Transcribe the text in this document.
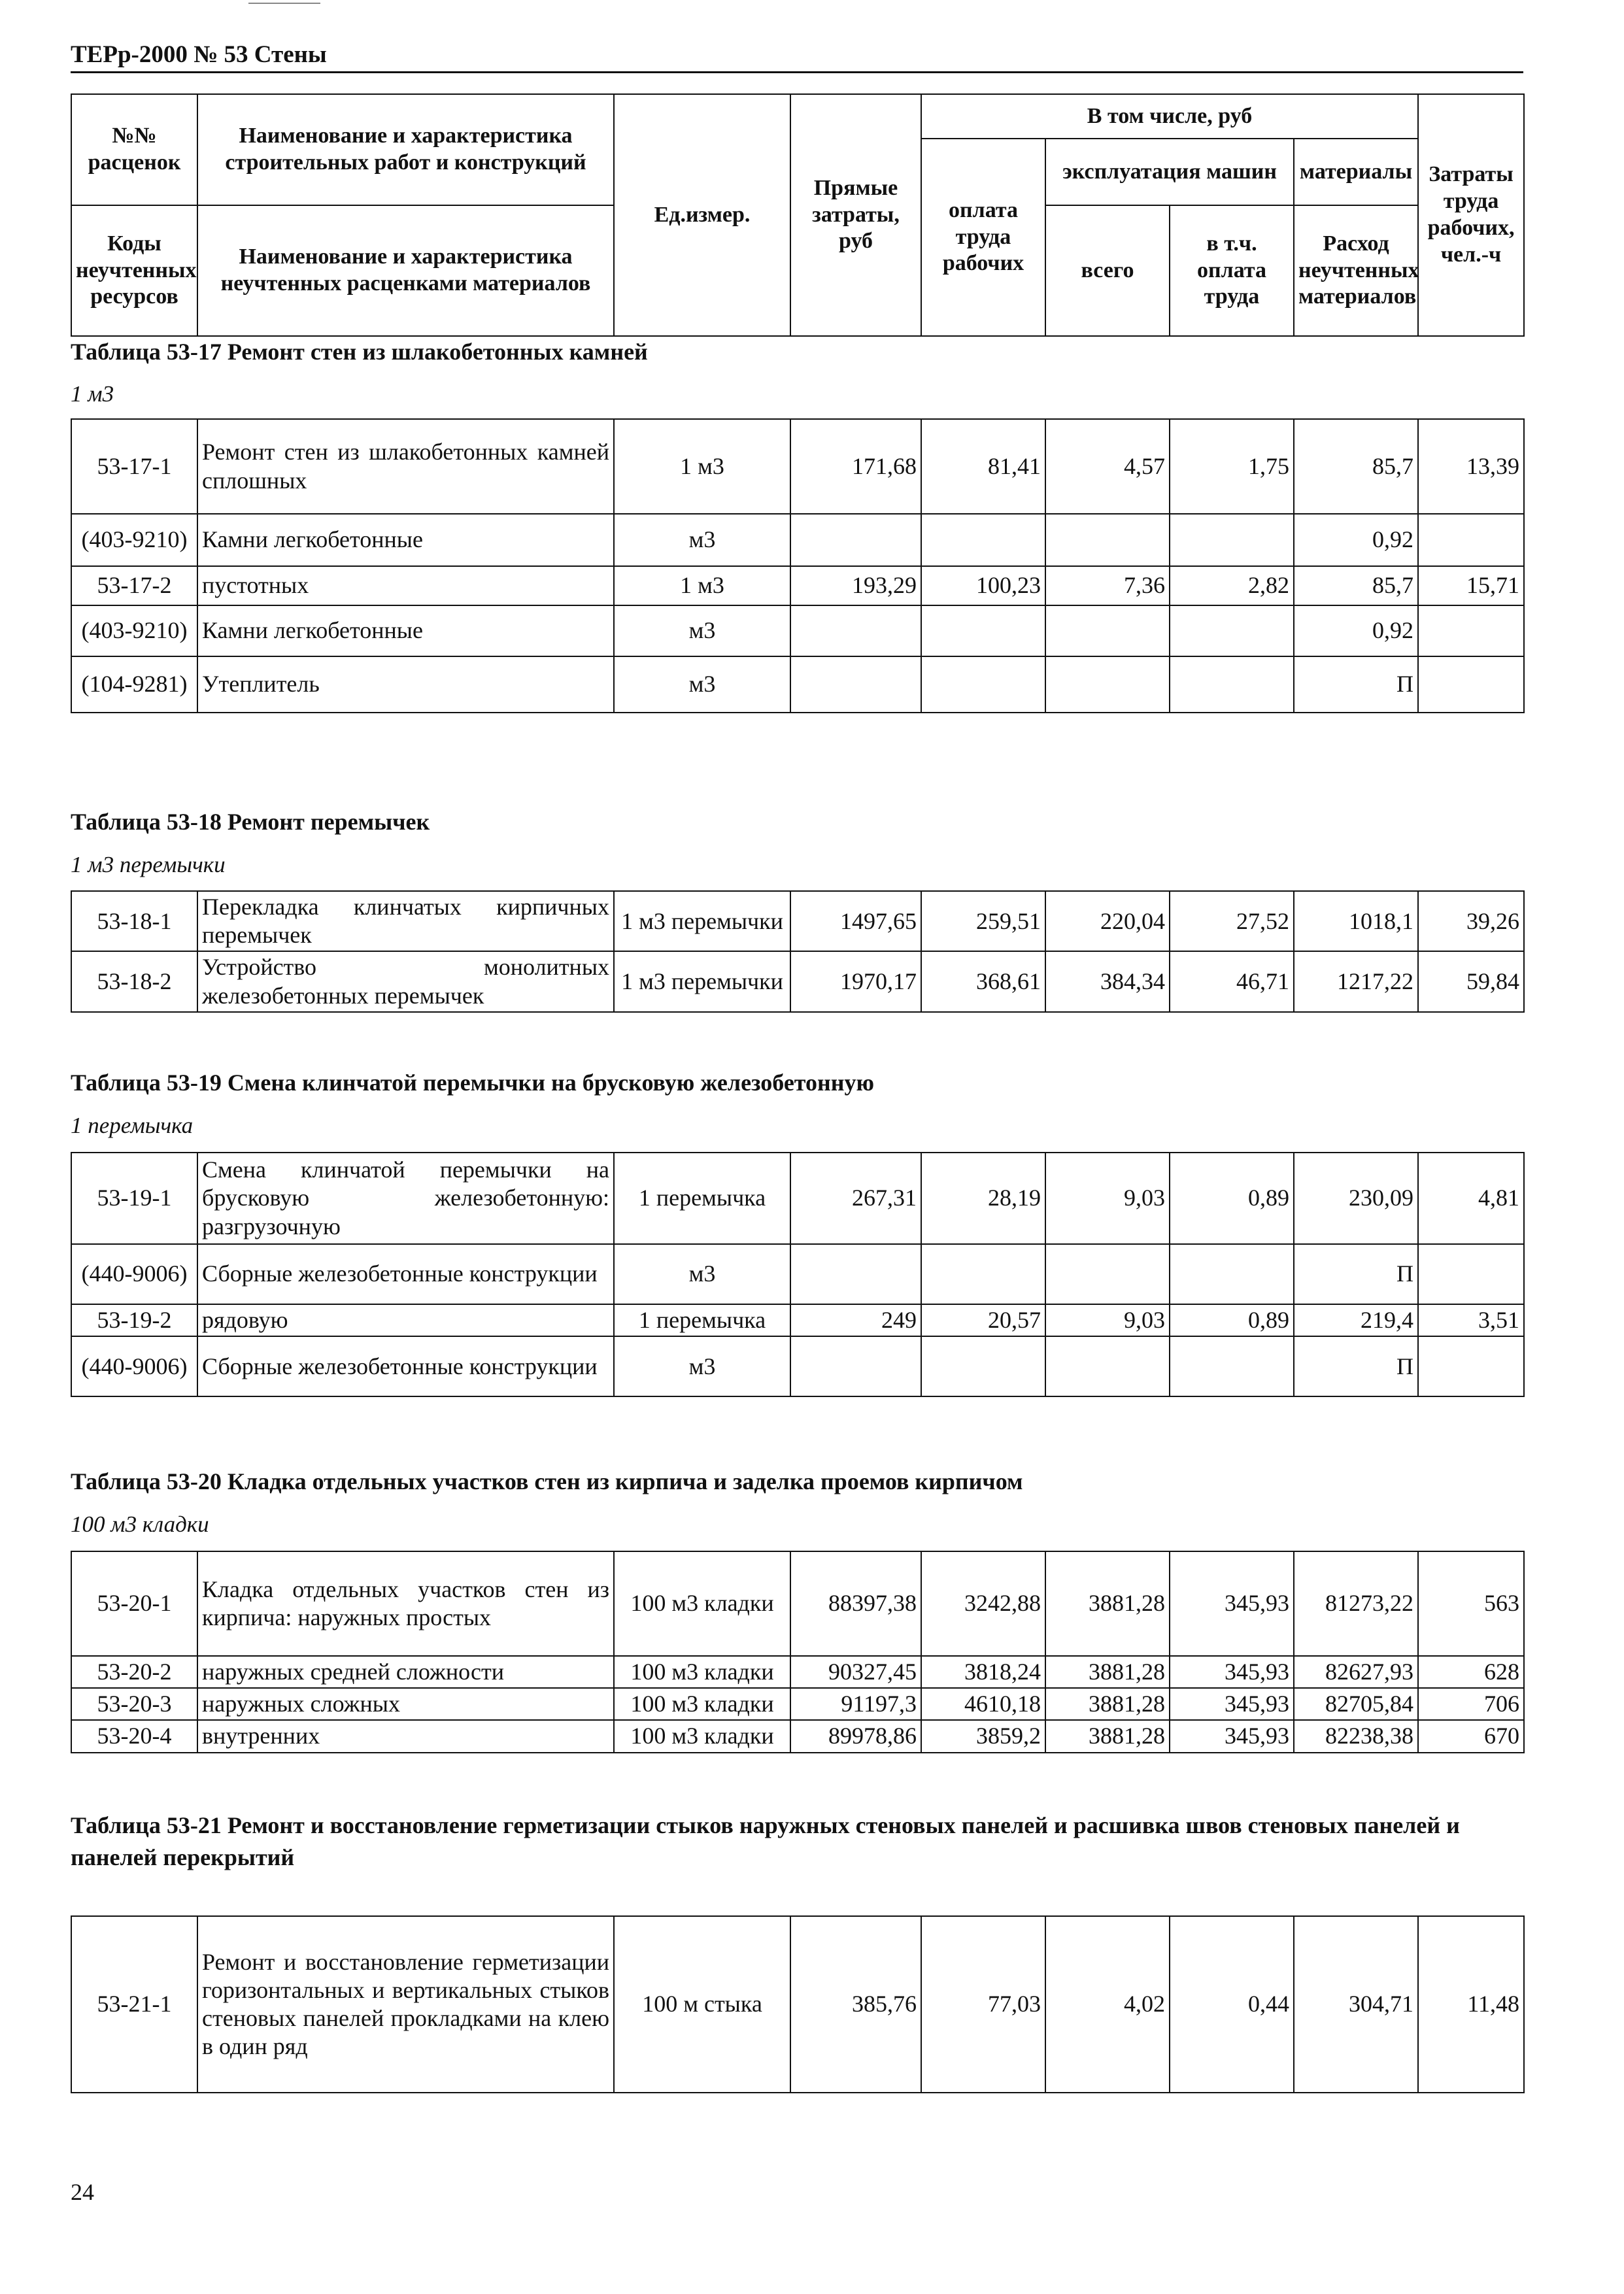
ТЕРр-2000 № 53 Стены
№№ расценок	Наименование и характеристика строительных работ и конструкций	Ед.измер.	Прямые затраты, руб	В том числе, руб				Затраты труда рабочих, чел.-ч
				оплата труда рабочих	эксплуатация машин		материалы	

Коды неучтенных ресурсов	Наименование и характеристика неучтенных расценками материалов				всего	в т.ч. оплата труда	Расход неучтенных материалов	

Таблица 53-17 Ремонт стен из шлакобетонных камней
1 м3
53-17-1	Ремонт стен из шлакобетонных камней сплошных	1 м3	171,68	81,41	4,57	1,75	85,7	13,39
(403-9210)	Камни легкобетонные	м3					0,92	
53-17-2	пустотных	1 м3	193,29	100,23	7,36	2,82	85,7	15,71
(403-9210)	Камни легкобетонные	м3					0,92	
(104-9281)	Утеплитель	м3					П	
Таблица 53-18 Ремонт перемычек
1 м3 перемычки
53-18-1	Перекладка клинчатых кирпичных перемычек	1 м3 перемычки	1497,65	259,51	220,04	27,52	1018,1	39,26
53-18-2	Устройство монолитных железобетонных перемычек	1 м3 перемычки	1970,17	368,61	384,34	46,71	1217,22	59,84
Таблица 53-19 Смена клинчатой перемычки на брусковую железобетонную
1 перемычка
53-19-1	Смена клинчатой перемычки на брусковую железобетонную: разгрузочную	1 перемычка	267,31	28,19	9,03	0,89	230,09	4,81
(440-9006)	Сборные железобетонные конструкции	м3					П	
53-19-2	рядовую	1 перемычка	249	20,57	9,03	0,89	219,4	3,51
(440-9006)	Сборные железобетонные конструкции	м3					П	
Таблица 53-20 Кладка отдельных участков стен из кирпича и заделка проемов кирпичом
100 м3 кладки
53-20-1	Кладка отдельных участков стен из кирпича: наружных простых	100 м3 кладки	88397,38	3242,88	3881,28	345,93	81273,22	563
53-20-2	наружных средней сложности	100 м3 кладки	90327,45	3818,24	3881,28	345,93	82627,93	628
53-20-3	наружных сложных	100 м3 кладки	91197,3	4610,18	3881,28	345,93	82705,84	706
53-20-4	внутренних	100 м3 кладки	89978,86	3859,2	3881,28	345,93	82238,38	670
Таблица 53-21 Ремонт и восстановление герметизации стыков наружных стеновых панелей и расшивка швов стеновых панелей и панелей перекрытий
53-21-1	Ремонт и восстановление герметизации горизонтальных и вертикальных стыков стеновых панелей прокладками на клею в один ряд	100 м стыка	385,76	77,03	4,02	0,44	304,71	11,48
24
